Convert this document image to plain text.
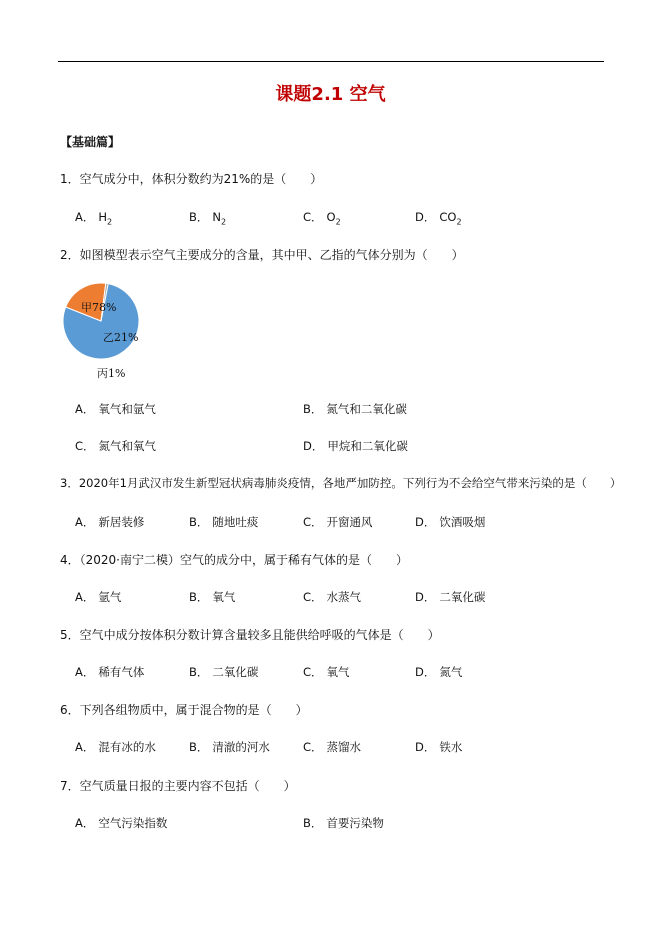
课题2.1 空气
【基础篇】
1．空气成分中，体积分数约为21%的是（　　）
A． $H_2$	B． $N_2$	C． $O_2$	D． $CO_2$
2．如图模型表示空气主要成分的含量，其中甲、乙指的气体分别为（　　）
甲78%
乙21%
丙1%
A． 氧气和氩气	B． 氮气和二氧化碳
C． 氮气和氧气	D． 甲烷和二氧化碳
3．2020年1月武汉市发生新型冠状病毒肺炎疫情，各地严加防控。下列行为不会给空气带来污染的是（　　）
A． 新居装修	B． 随地吐痰	C． 开窗通风	D． 饮酒吸烟
4．（2020·南宁二模）空气的成分中，属于稀有气体的是（　　）
A． 氩气	B． 氧气	C． 水蒸气	D． 二氧化碳
5．空气中成分按体积分数计算含量较多且能供给呼吸的气体是（　　）
A． 稀有气体	B． 二氧化碳	C． 氧气	D． 氮气
6．下列各组物质中，属于混合物的是（　　）
A． 混有冰的水	B． 清澈的河水	C． 蒸馏水	D． 铁水
7．空气质量日报的主要内容不包括（　　）
A． 空气污染指数	B． 首要污染物
